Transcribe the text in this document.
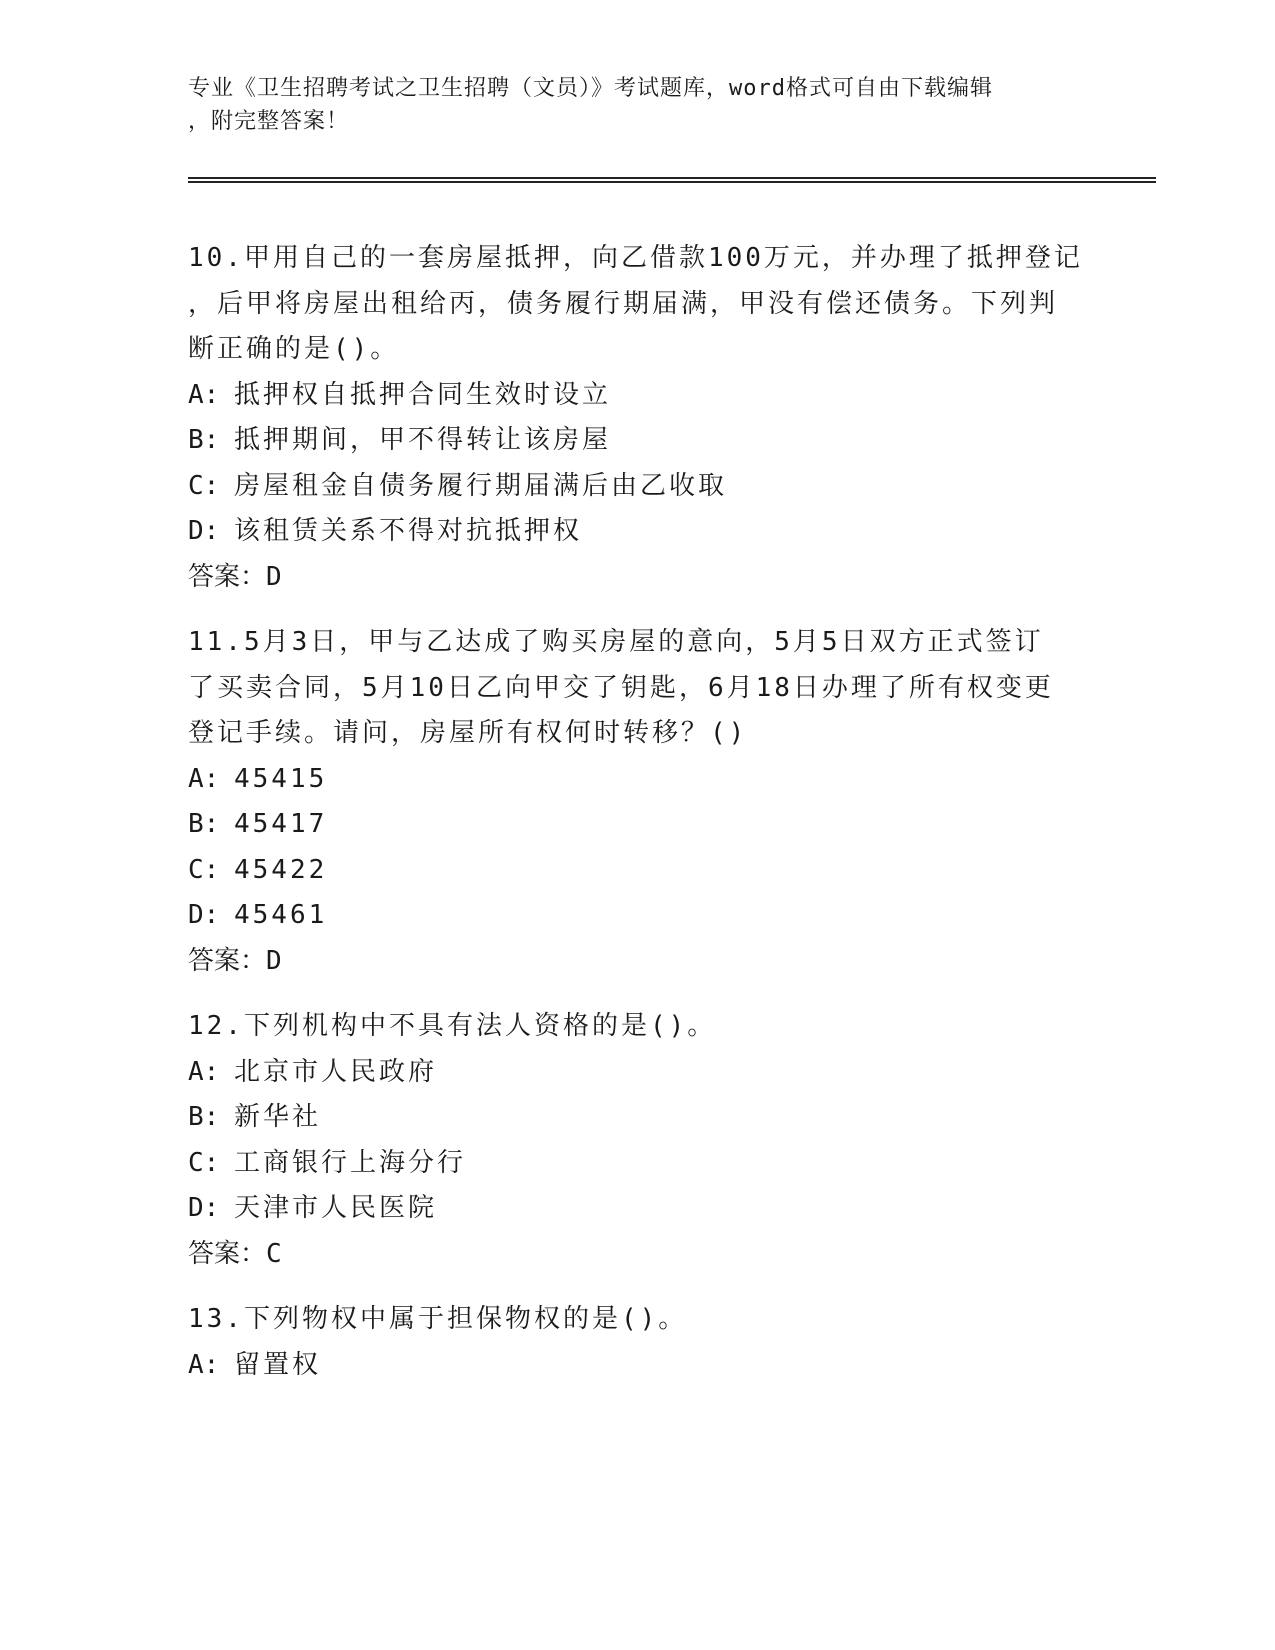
专业《卫生招聘考试之卫生招聘（文员）》考试题库，word格式可自由下载编辑
，附完整答案！
10.甲用自己的一套房屋抵押，向乙借款100万元，并办理了抵押登记
，后甲将房屋出租给丙，债务履行期届满，甲没有偿还债务。下列判
断正确的是()。
A: 抵押权自抵押合同生效时设立
B: 抵押期间，甲不得转让该房屋
C: 房屋租金自债务履行期届满后由乙收取
D: 该租赁关系不得对抗抵押权
答案：D
11.5月3日，甲与乙达成了购买房屋的意向，5月5日双方正式签订
了买卖合同，5月10日乙向甲交了钥匙，6月18日办理了所有权变更
登记手续。请问，房屋所有权何时转移？()
A: 45415
B: 45417
C: 45422
D: 45461
答案：D
12.下列机构中不具有法人资格的是()。
A: 北京市人民政府
B: 新华社
C: 工商银行上海分行
D: 天津市人民医院
答案：C
13.下列物权中属于担保物权的是()。
A: 留置权
